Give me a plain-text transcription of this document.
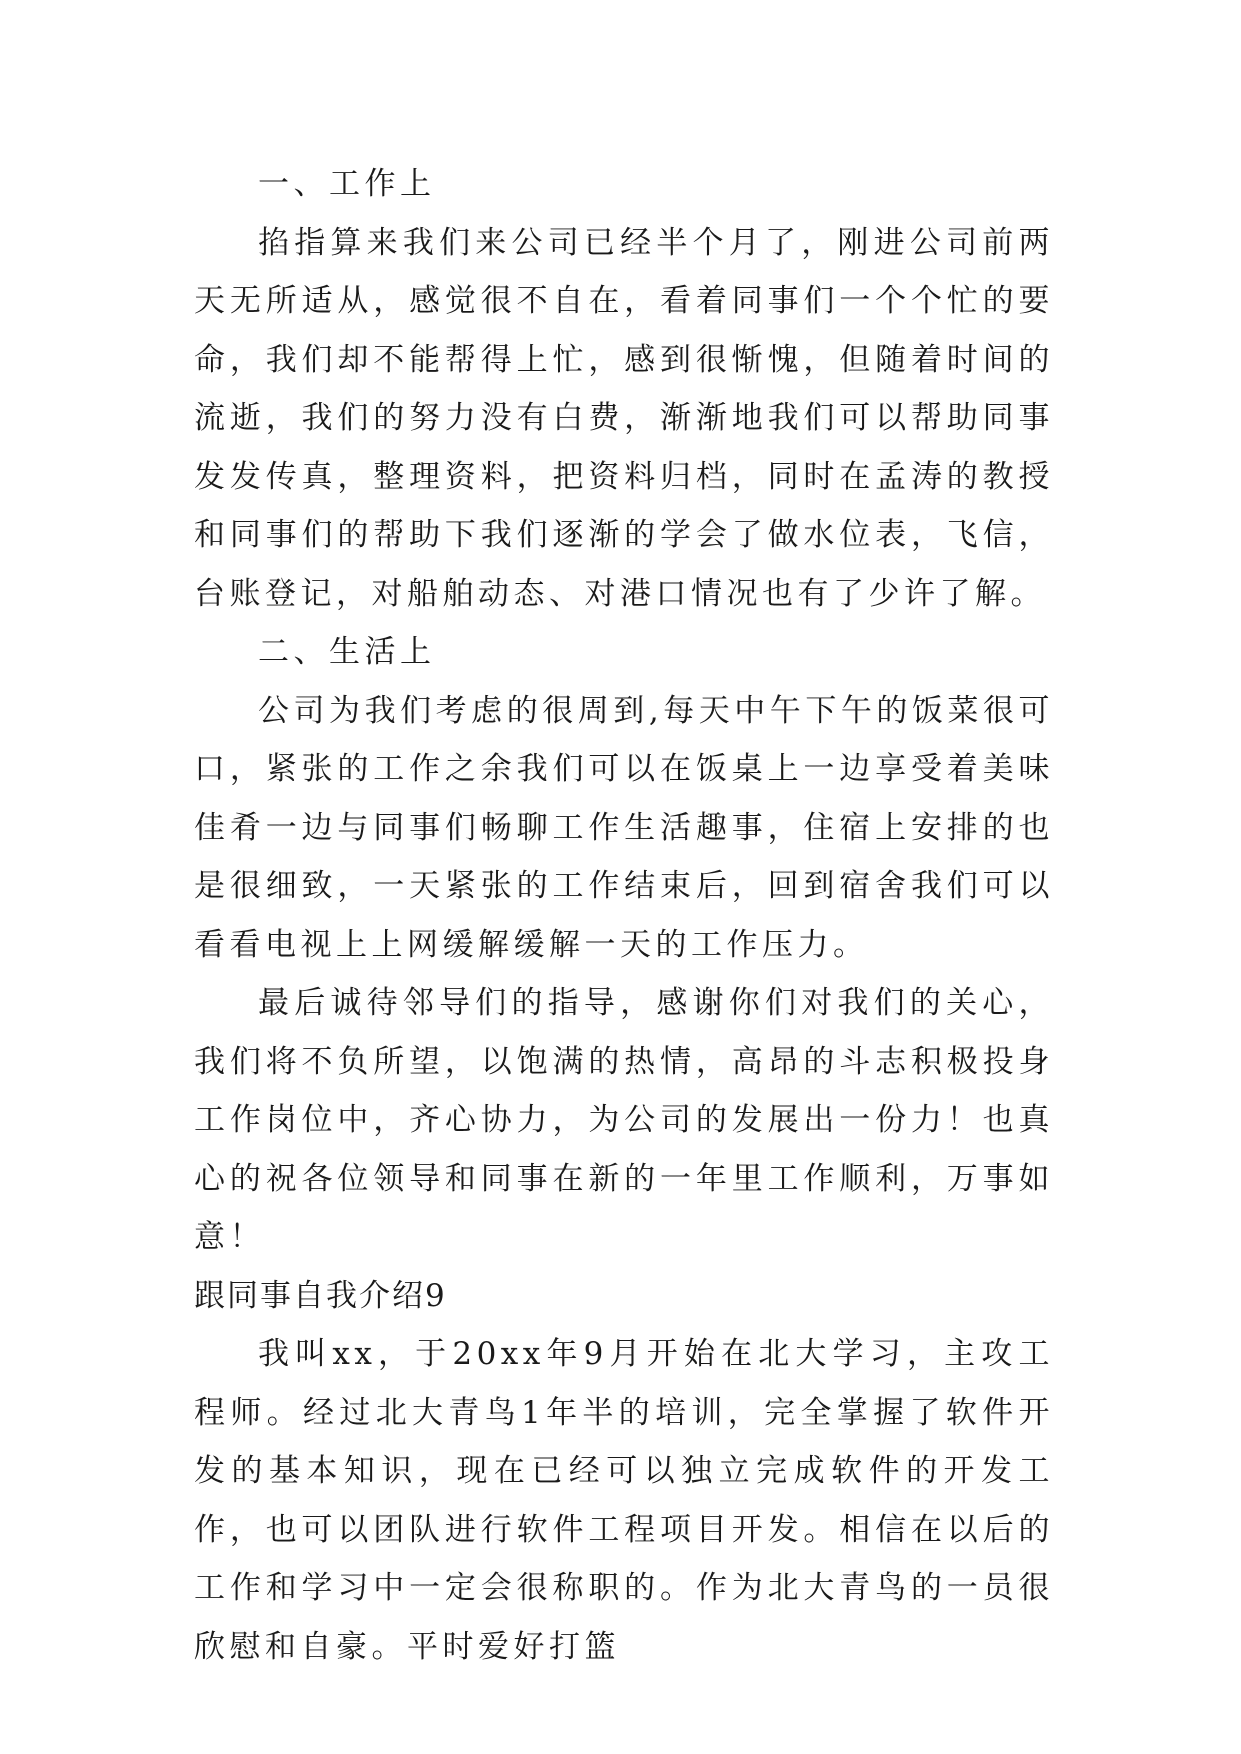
一、工作上

掐指算来我们来公司已经半个月了，刚进公司前两天无所适从，感觉很不自在，看着同事们一个个忙的要命，我们却不能帮得上忙，感到很惭愧，但随着时间的流逝，我们的努力没有白费，渐渐地我们可以帮助同事发发传真，整理资料，把资料归档，同时在孟涛的教授和同事们的帮助下我们逐渐的学会了做水位表，飞信，台账登记，对船舶动态、对港口情况也有了少许了解。

二、生活上

公司为我们考虑的很周到,每天中午下午的饭菜很可口，紧张的工作之余我们可以在饭桌上一边享受着美味佳肴一边与同事们畅聊工作生活趣事，住宿上安排的也是很细致，一天紧张的工作结束后，回到宿舍我们可以看看电视上上网缓解缓解一天的工作压力。

最后诚待邻导们的指导，感谢你们对我们的关心，我们将不负所望，以饱满的热情，高昂的斗志积极投身工作岗位中，齐心协力，为公司的发展出一份力！也真心的祝各位领导和同事在新的一年里工作顺利，万事如意！

跟同事自我介绍9

我叫xx，于20xx年9月开始在北大学习，主攻工程师。经过北大青鸟1年半的培训，完全掌握了软件开发的基本知识，现在已经可以独立完成软件的开发工作，也可以团队进行软件工程项目开发。相信在以后的工作和学习中一定会很称职的。作为北大青鸟的一员很欣慰和自豪。平时爱好打篮
